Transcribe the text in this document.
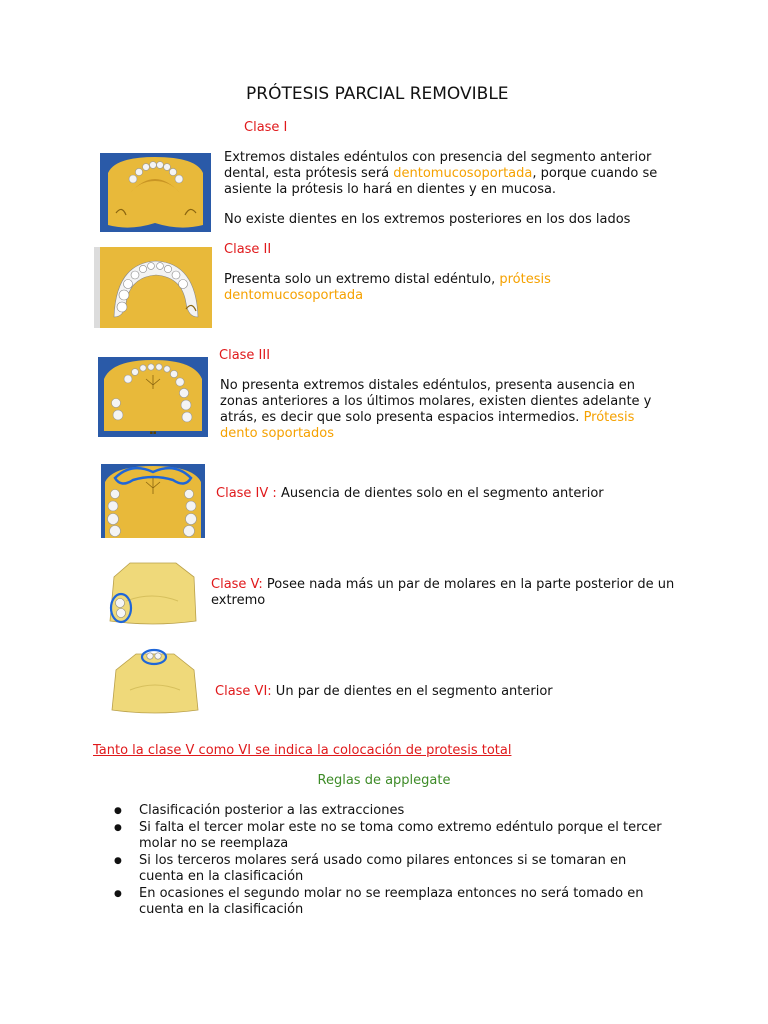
PRÓTESIS PARCIAL REMOVIBLE
Clase I

Extremos distales edéntulos con presencia del segmento anterior dental, esta prótesis será dentomucosoportada, porque cuando se asiente la prótesis lo hará en dientes y en mucosa.

No existe dientes en los extremos posteriores en los dos lados
Clase II
Presenta solo un extremo distal edéntulo, prótesis dentomucosoportada
Clase III
▪▪
No presenta extremos distales edéntulos, presenta ausencia en zonas anteriores a los últimos molares, existen dientes adelante y atrás, es decir que solo presenta espacios intermedios. Prótesis dento soportados
Clase IV : Ausencia de dientes solo en el segmento anterior
Clase V: Posee nada más un par de molares en la parte posterior de un extremo
Clase VI: Un par de dientes en el segmento anterior
Tanto la clase V como VI se indica la colocación de protesis total
Reglas de applegate
● Clasificación posterior a las extracciones
● Si falta el tercer molar este no se toma como extremo edéntulo porque el tercer molar no se reemplaza
● Si los terceros molares será usado como pilares entonces si se tomaran en cuenta en la clasificación
● En ocasiones el segundo molar no se reemplaza entonces no será tomado en cuenta en la clasificación
